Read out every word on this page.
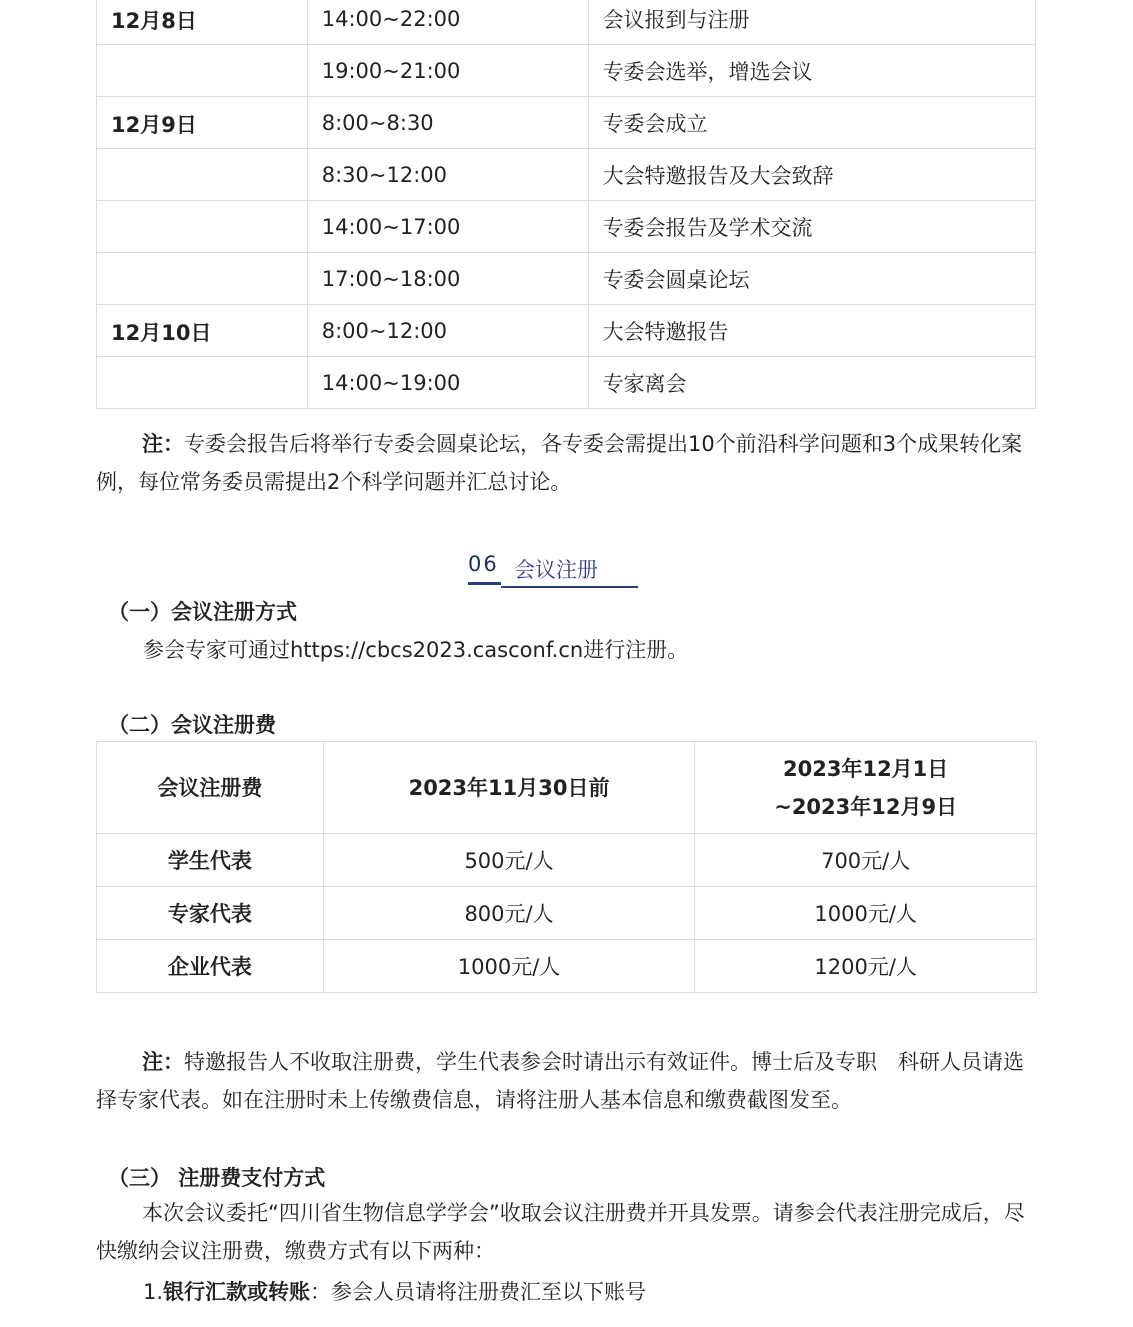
12月8日	14:00~22:00	会议报到与注册
	19:00~21:00	专委会选举，增选会议
12月9日	8:00~8:30	专委会成立
	8:30~12:00	大会特邀报告及大会致辞
	14:00~17:00	专委会报告及学术交流
	17:00~18:00	专委会圆桌论坛
12月10日	8:00~12:00	大会特邀报告
	14:00~19:00	专家离会

注：专委会报告后将举行专委会圆桌论坛，各专委会需提出10个前沿科学问题和3个成果转化案例，每位常务委员需提出2个科学问题并汇总讨论。

06 会议注册
（一）会议注册方式
参会专家可通过https://cbcs2023.casconf.cn进行注册。
（二）会议注册费
会议注册费	2023年11月30日前	2023年12月1日
~2023年12月9日
学生代表	500元/人	700元/人
专家代表	800元/人	1000元/人
企业代表	1000元/人	1200元/人

注：特邀报告人不收取注册费，学生代表参会时请出示有效证件。博士后及专职　科研人员请选择专家代表。如在注册时未上传缴费信息，请将注册人基本信息和缴费截图发至。

（三） 注册费支付方式

本次会议委托“四川省生物信息学学会”收取会议注册费并开具发票。请参会代表注册完成后，尽快缴纳会议注册费，缴费方式有以下两种：

1.银行汇款或转账：参会人员请将注册费汇至以下账号
